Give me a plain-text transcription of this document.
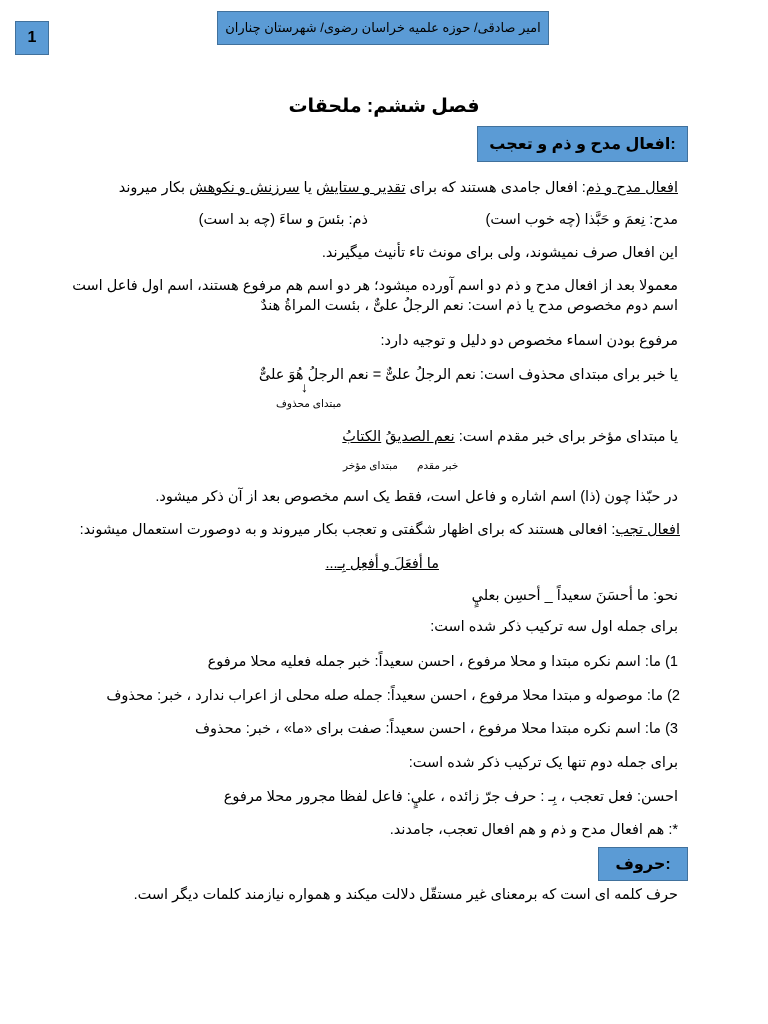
1
امیر صادقی/ حوزه علمیه خراسان رضوی/ شهرستان چناران
فصل ششم: ملحقات
افعال مدح و ذم و تعجب:
افعال مدح و ذم: افعال جامدی هستند که برای تقدیر و ستایش یا سرزنش و نکوهش بکار میروند
مدح: نِعمَ و حَبَّذا (چه خوب است)
ذم: بئسَ و ساءَ (چه بد است)
این افعال صرف نمیشوند، ولی برای مونث تاء تأنیث میگیرند.
معمولا بعد از افعال مدح و ذم دو اسم آورده میشود؛ هر دو اسم هم مرفوع هستند، اسم اول فاعل است
اسم دوم مخصوص مدح یا ذم است: نعم الرجلُ علیٌّ ، بئست المراةُ هندٌ
مرفوع بودن اسماء مخصوص دو دلیل و توجیه دارد:
یا خبر برای مبتدای محذوف است: نعم الرجلُ علیٌّ = نعم الرجلُ هُوَ علیٌّ
↓
مبتدای محذوف
یا مبتدای مؤخر برای خبر مقدم است: نعم الصدیقُ الکتابُ
خبر مقدم
مبتدای مؤخر
در حبّذا چون (ذا) اسم اشاره و فاعل است، فقط یک اسم مخصوص بعد از آن ذکر میشود.
افعال تجب: افعالی هستند که برای اظهار شگفتی و تعجب بکار میروند و به دوصورت استعمال میشوند:
ما أفعَلَ و أفعِل بِـ...
نحو: ما أحسَنَ سعیداً _ أحسِن بعليٍ
برای جمله اول سه ترکیب ذکر شده است:
1) ما: اسم نکره مبتدا و محلا مرفوع ، احسن سعیداً: خبر جمله فعلیه محلا مرفوع
2) ما: موصوله و مبتدا محلا مرفوع ، احسن سعیداً: جمله صله محلی از اعراب ندارد ، خبر: محذوف
3) ما: اسم نکره مبتدا محلا مرفوع ، احسن سعیداً: صفت برای «ما» ، خبر: محذوف
برای جمله دوم تنها یک ترکیب ذکر شده است:
احسن: فعل تعجب ، بِـ : حرف جرّ زائده ، عليٍ: فاعل لفظا مجرور محلا مرفوع
*: هم افعال مدح و ذم و هم افعال تعجب، جامدند.
حروف:
حرف کلمه ای است که برمعنای غیر مستقّل دلالت میکند و همواره نیازمند کلمات دیگر است.
